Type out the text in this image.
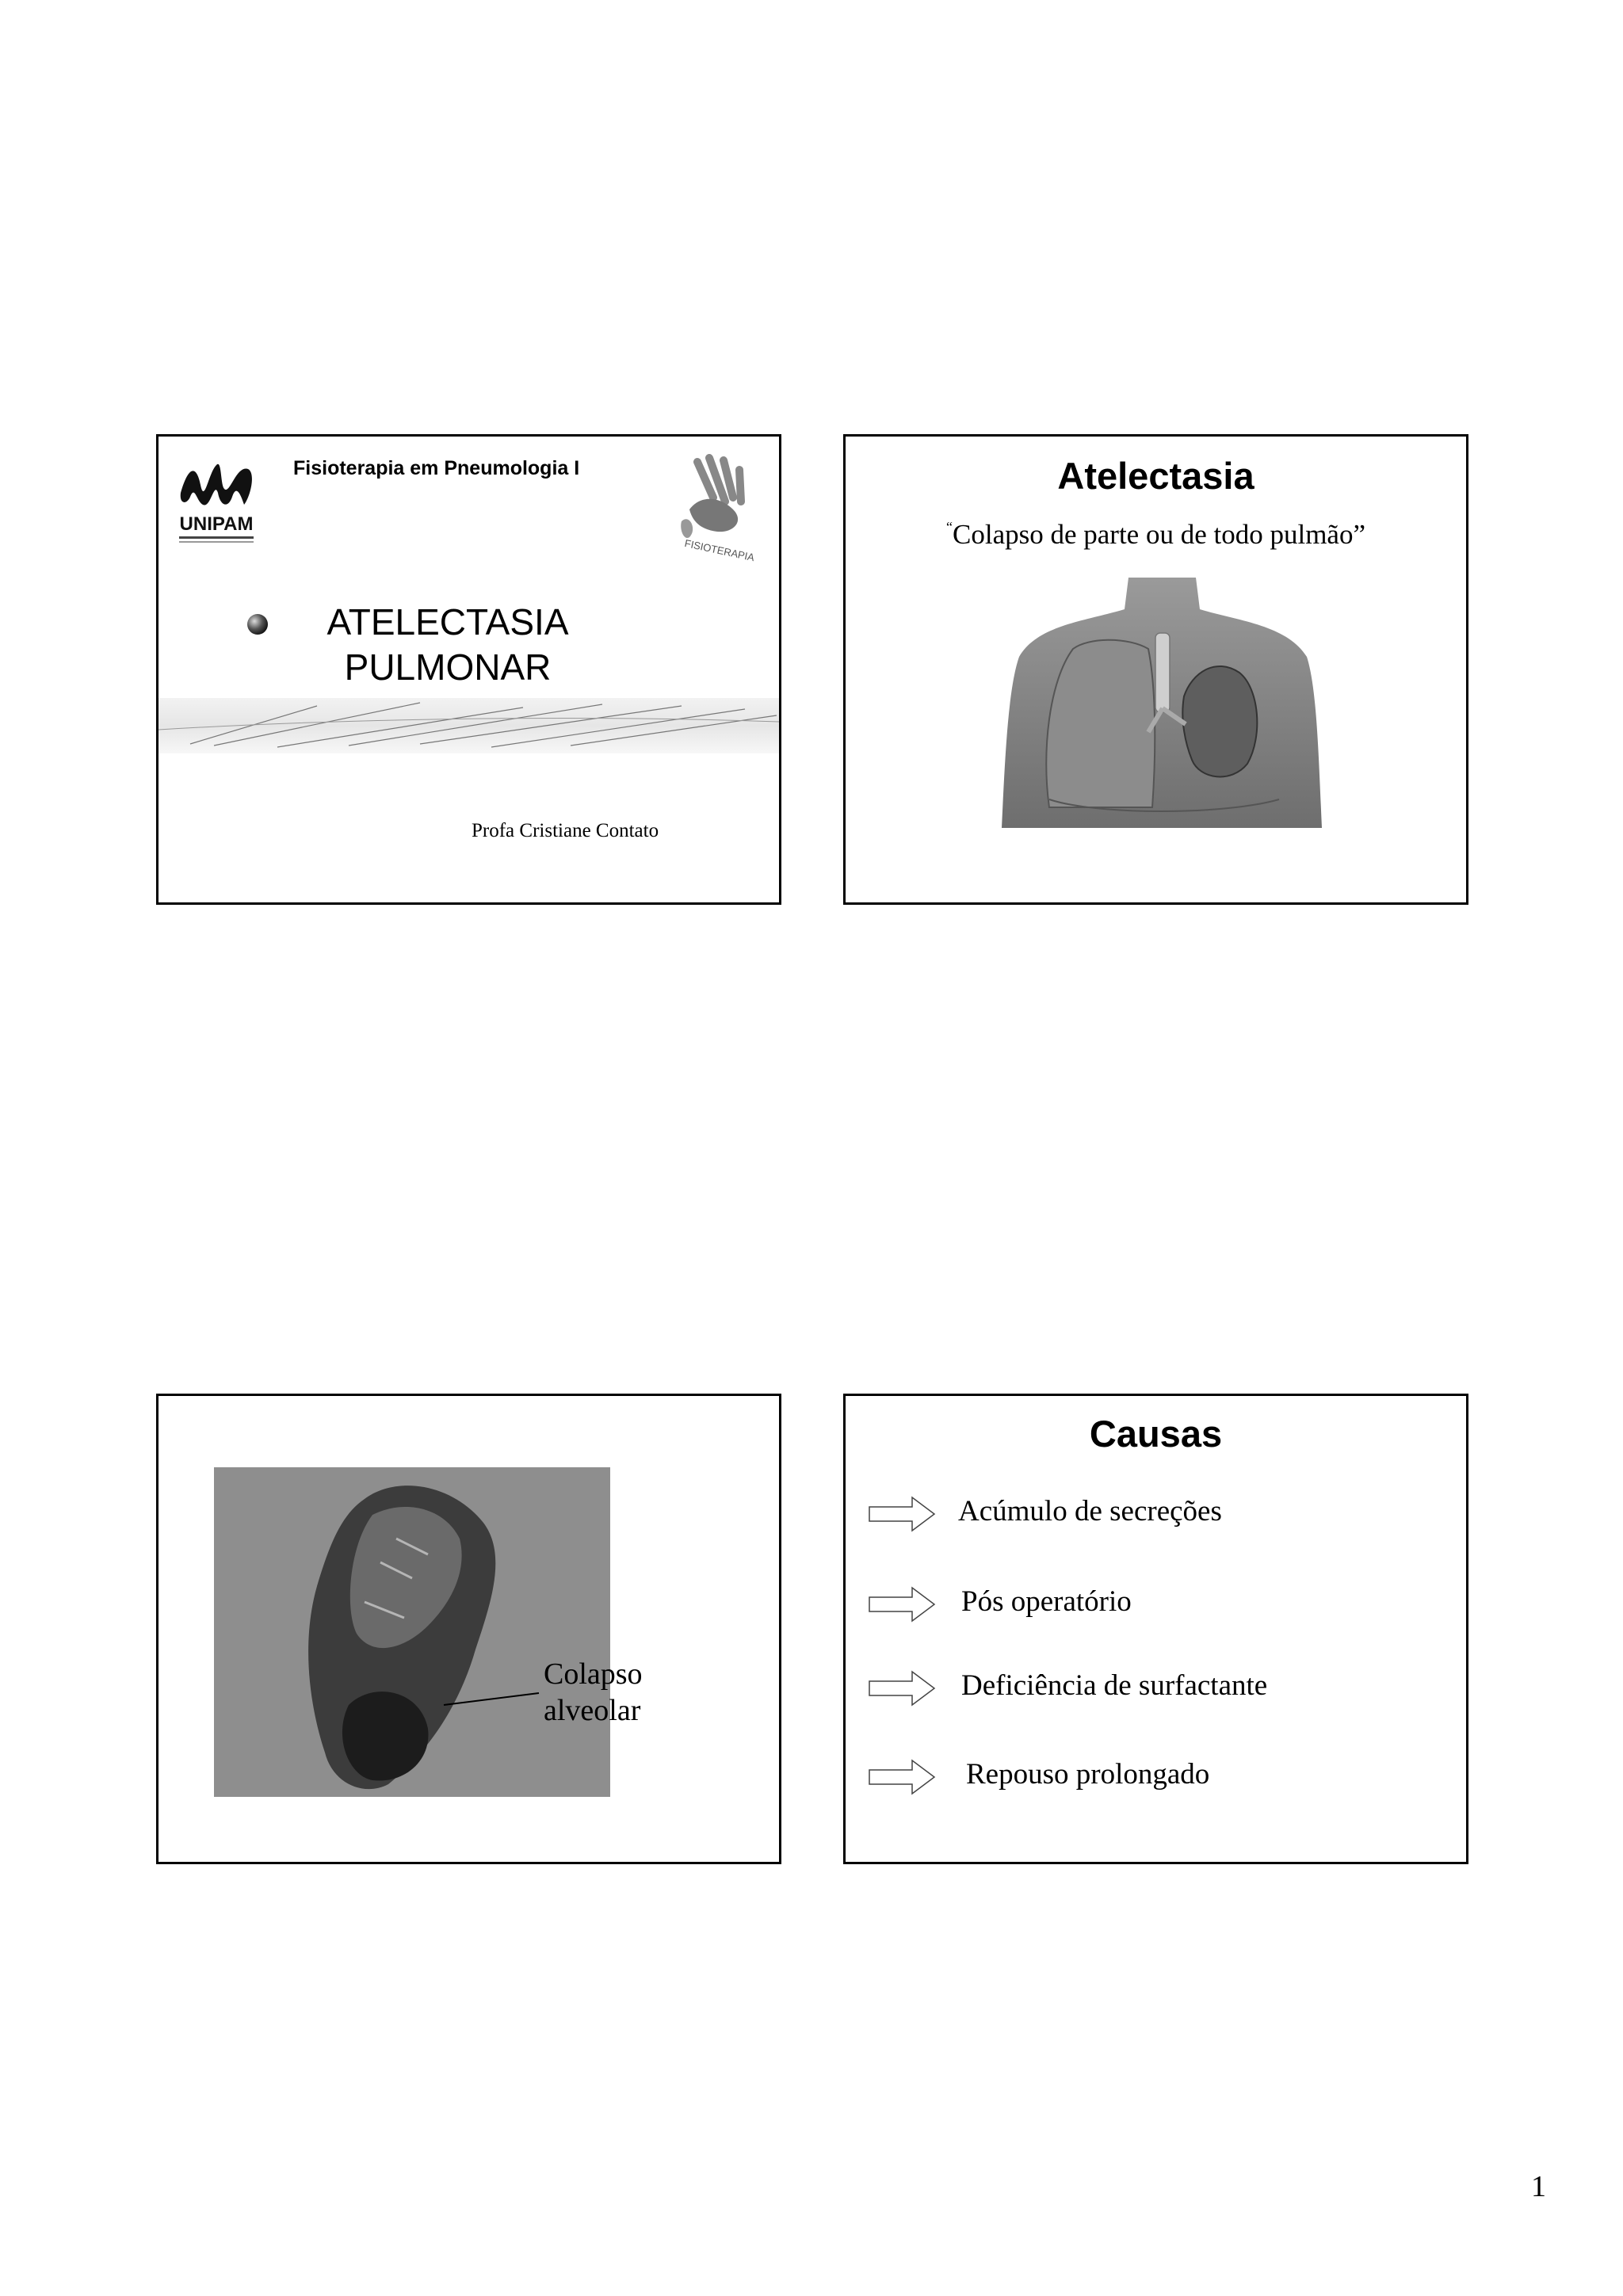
UNIPAM
Fisioterapia em Pneumologia I
FISIOTERAPIA
ATELECTASIA
PULMONAR
Profa Cristiane Contato
Atelectasia
“Colapso de parte ou de todo pulmão”
Colapso
alveolar
Causas
Acúmulo de secreções
Pós operatório
Deficiência de surfactante
Repouso prolongado
1
